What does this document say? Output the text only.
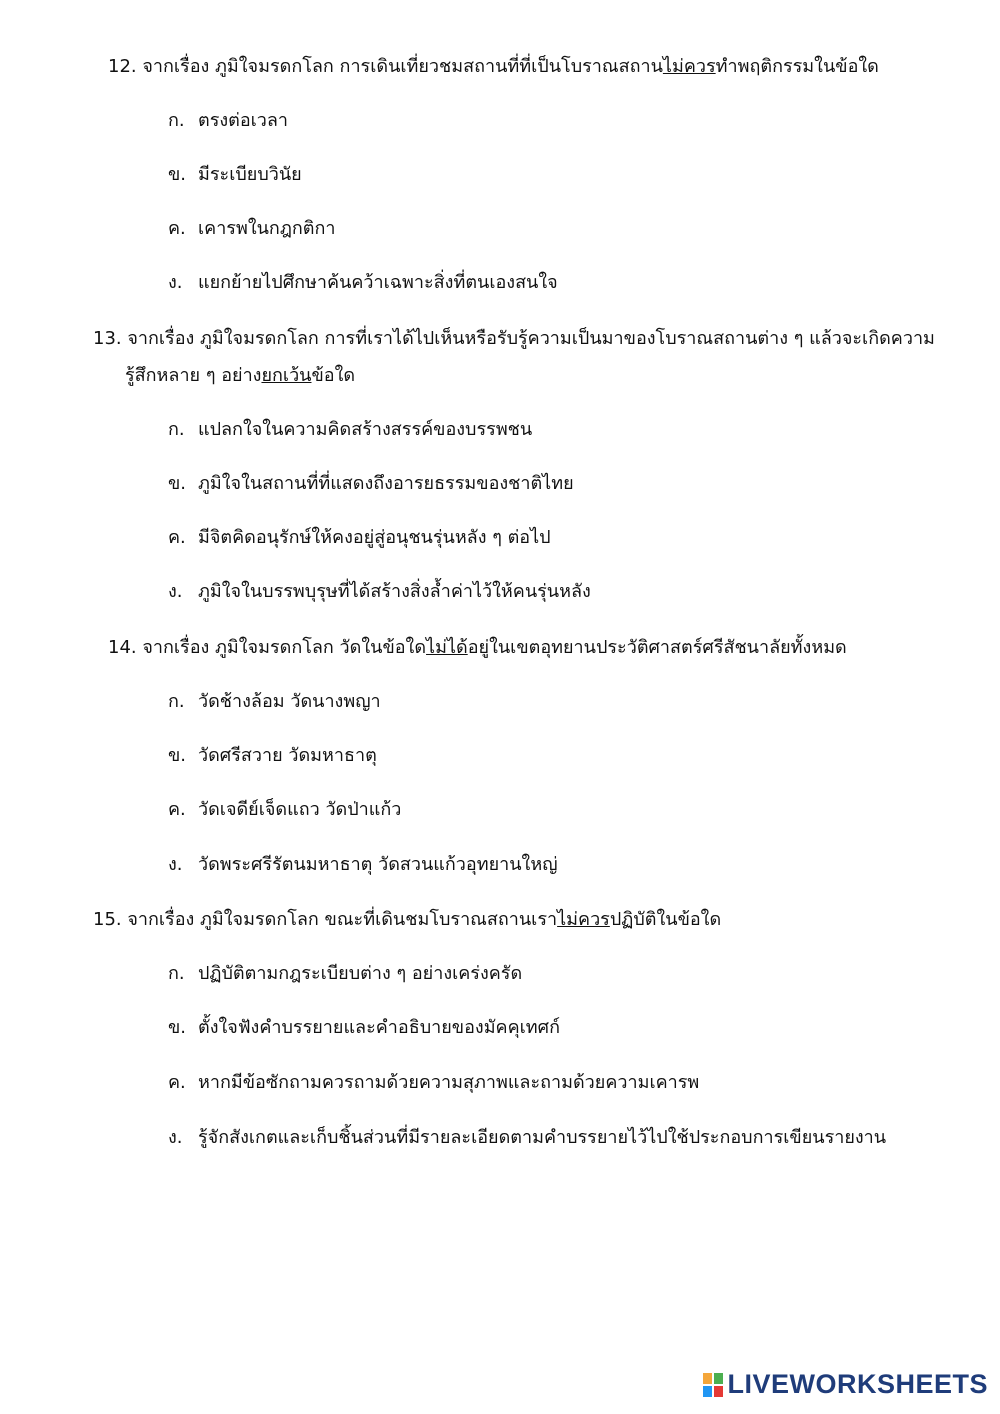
12. จากเรื่อง ภูมิใจมรดกโลก การเดินเที่ยวชมสถานที่ที่เป็นโบราณสถานไม่ควรทำพฤติกรรมในข้อใด
ก. ตรงต่อเวลา
ข. มีระเบียบวินัย
ค. เคารพในกฎกติกา
ง. แยกย้ายไปศึกษาค้นคว้าเฉพาะสิ่งที่ตนเองสนใจ
13. จากเรื่อง ภูมิใจมรดกโลก การที่เราได้ไปเห็นหรือรับรู้ความเป็นมาของโบราณสถานต่าง ๆ แล้วจะเกิดความ
รู้สึกหลาย ๆ อย่างยกเว้นข้อใด
ก. แปลกใจในความคิดสร้างสรรค์ของบรรพชน
ข. ภูมิใจในสถานที่ที่แสดงถึงอารยธรรมของชาติไทย
ค. มีจิตคิดอนุรักษ์ให้คงอยู่สู่อนุชนรุ่นหลัง ๆ ต่อไป
ง. ภูมิใจในบรรพบุรุษที่ได้สร้างสิ่งล้ำค่าไว้ให้คนรุ่นหลัง
14. จากเรื่อง ภูมิใจมรดกโลก วัดในข้อใดไม่ได้อยู่ในเขตอุทยานประวัติศาสตร์ศรีสัชนาลัยทั้งหมด
ก. วัดช้างล้อม วัดนางพญา
ข. วัดศรีสวาย วัดมหาธาตุ
ค. วัดเจดีย์เจ็ดแถว วัดป่าแก้ว
ง. วัดพระศรีรัตนมหาธาตุ วัดสวนแก้วอุทยานใหญ่
15. จากเรื่อง ภูมิใจมรดกโลก ขณะที่เดินชมโบราณสถานเราไม่ควรปฏิบัติในข้อใด
ก. ปฏิบัติตามกฎระเบียบต่าง ๆ อย่างเคร่งครัด
ข. ตั้งใจฟังคำบรรยายและคำอธิบายของมัคคุเทศก์
ค. หากมีข้อซักถามควรถามด้วยความสุภาพและถามด้วยความเคารพ
ง. รู้จักสังเกตและเก็บชิ้นส่วนที่มีรายละเอียดตามคำบรรยายไว้ไปใช้ประกอบการเขียนรายงาน
LIVEWORKSHEETS
